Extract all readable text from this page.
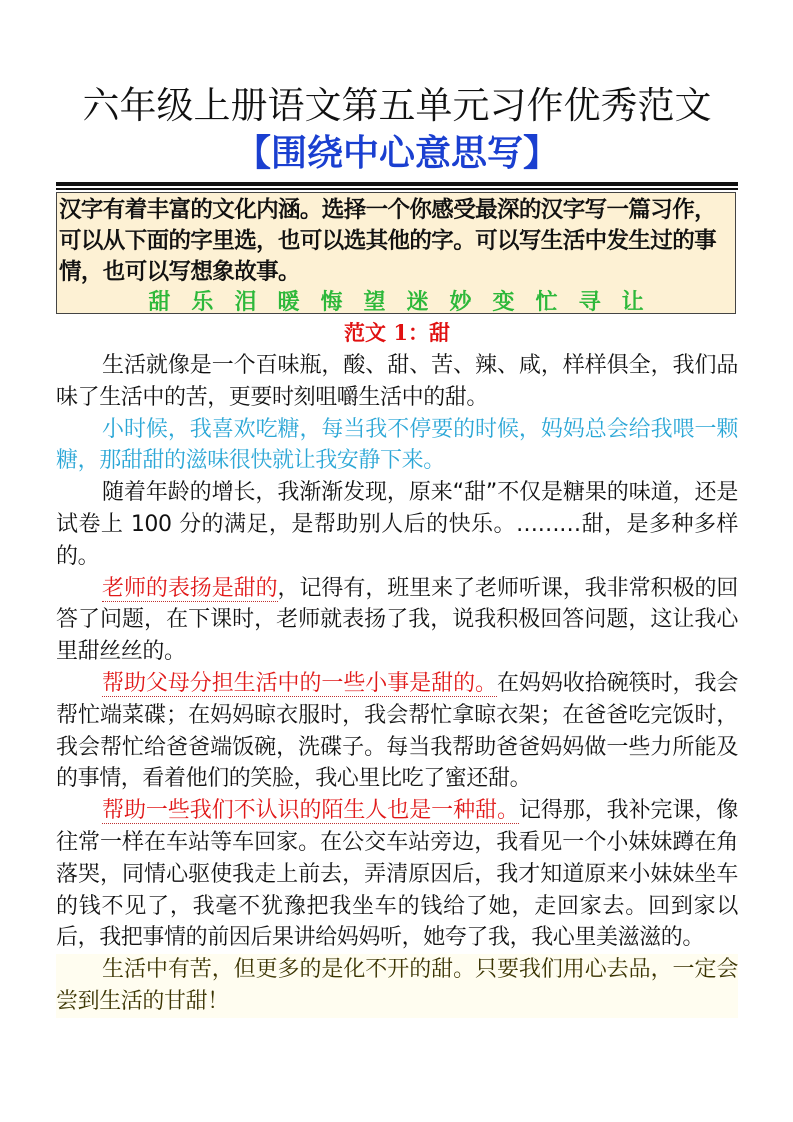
六年级上册语文第五单元习作优秀范文
【围绕中心意思写】
汉字有着丰富的文化内涵。选择一个你感受最深的汉字写一篇习作，可以从下面的字里选，也可以选其他的字。可以写生活中发生过的事情，也可以写想象故事。
甜 乐 泪 暖 悔 望 迷 妙 变 忙 寻 让
范文 1：甜

生活就像是一个百味瓶，酸、甜、苦、辣、咸，样样俱全，我们品味了生活中的苦，更要时刻咀嚼生活中的甜。

小时候，我喜欢吃糖，每当我不停要的时候，妈妈总会给我喂一颗糖，那甜甜的滋味很快就让我安静下来。

随着年龄的增长，我渐渐发现，原来“甜”不仅是糖果的味道，还是试卷上 100 分的满足，是帮助别人后的快乐。………甜，是多种多样的。

老师的表扬是甜的，记得有，班里来了老师听课，我非常积极的回答了问题，在下课时，老师就表扬了我，说我积极回答问题，这让我心里甜丝丝的。

帮助父母分担生活中的一些小事是甜的。在妈妈收拾碗筷时，我会帮忙端菜碟；在妈妈晾衣服时，我会帮忙拿晾衣架；在爸爸吃完饭时，我会帮忙给爸爸端饭碗，洗碟子。每当我帮助爸爸妈妈做一些力所能及的事情，看着他们的笑脸，我心里比吃了蜜还甜。

帮助一些我们不认识的陌生人也是一种甜。记得那，我补完课，像往常一样在车站等车回家。在公交车站旁边，我看见一个小妹妹蹲在角落哭，同情心驱使我走上前去，弄清原因后，我才知道原来小妹妹坐车的钱不见了，我毫不犹豫把我坐车的钱给了她，走回家去。回到家以后，我把事情的前因后果讲给妈妈听，她夸了我，我心里美滋滋的。

生活中有苦，但更多的是化不开的甜。只要我们用心去品，一定会尝到生活的甘甜！
